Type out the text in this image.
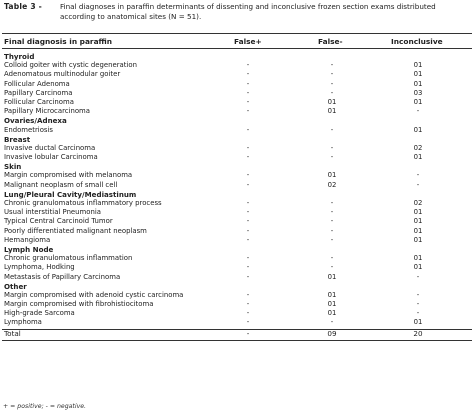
Table 3 - Final diagnoses in paraffin determinants of dissenting and inconclusive frozen section exams distributed according to anatomical sites (N = 51).
Final diagnosis in paraffin	False+	False-	Inconclusive
Thyroid
Colloid goiter with cystic degeneration	-	-	01
Adenomatous multinodular goiter	-	-	01
Follicular Adenoma	-	-	01
Papillary Carcinoma	-	-	03
Follicular Carcinoma	-	01	01
Papillary Microcarcinoma	-	01	-
Ovaries/Adnexa
Endometriosis	-	-	01
Breast
Invasive ductal Carcinoma	-	-	02
Invasive lobular Carcinoma	-	-	01
Skin
Margin compromised with melanoma	-	01	-
Malignant neoplasm of small cell	-	02	-
Lung/Pleural Cavity/Mediastinum
Chronic granulomatous inflammatory process	-	-	02
Usual interstitial Pneumonia	-	-	01
Typical Central Carcinoid Tumor	-	-	01
Poorly differentiated malignant neoplasm	-	-	01
Hemangioma	-	-	01
Lymph Node
Chronic granulomatous inflammation	-	-	01
Lymphoma, Hodking	-	-	01
Metastasis of Papillary Carcinoma	-	01	-
Other
Margin compromised with adenoid cystic carcinoma	-	01	-
Margin compromised with fibrohistiocitoma	-	01	-
High-grade Sarcoma	-	01	-
Lymphoma	-	-	01
Total	-	09	20
+ = positive; - = negative.
